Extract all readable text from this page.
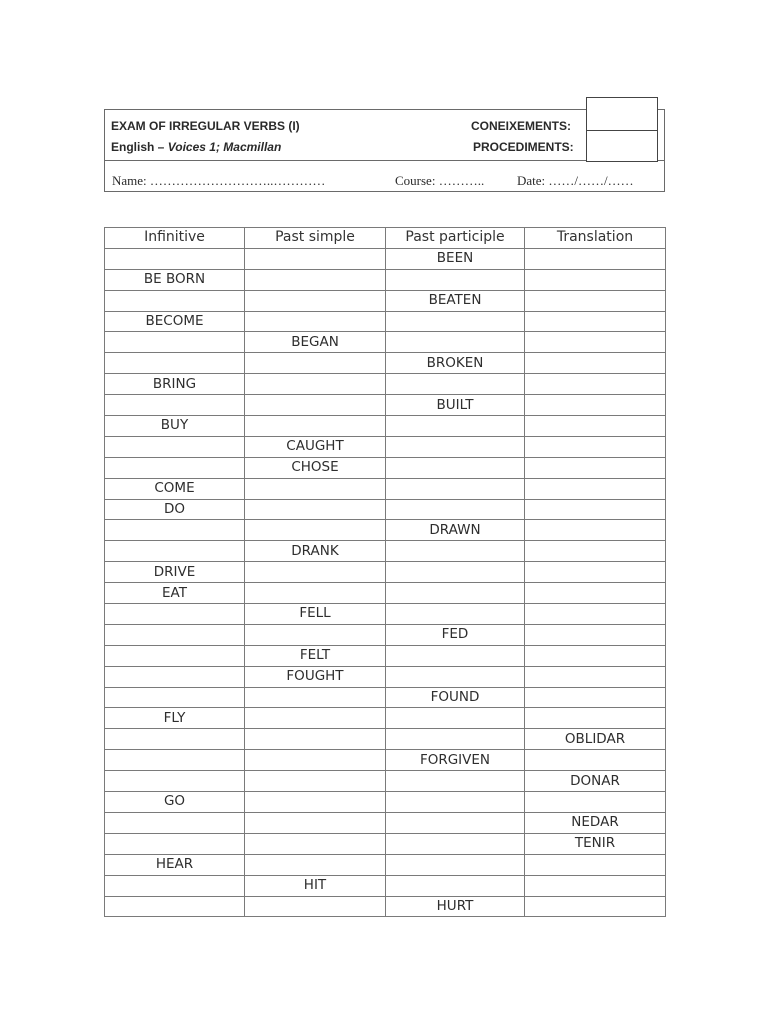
EXAM OF IRREGULAR VERBS (I)
English – Voices 1; Macmillan
CONEIXEMENTS:
PROCEDIMENTS:
Name: ………………………..…………	Course: ………..	Date: ……/……/……
Infinitive	Past simple	Past participle	Translation
		BEEN	
BE BORN			
		BEATEN	
BECOME			
	BEGAN		
		BROKEN	
BRING			
		BUILT	
BUY			
	CAUGHT		
	CHOSE		
COME			
DO			
		DRAWN	
	DRANK		
DRIVE			
EAT			
	FELL		
		FED	
	FELT		
	FOUGHT		
		FOUND	
FLY			
			OBLIDAR
		FORGIVEN	
			DONAR
GO			
			NEDAR
			TENIR
HEAR			
	HIT		
		HURT	
